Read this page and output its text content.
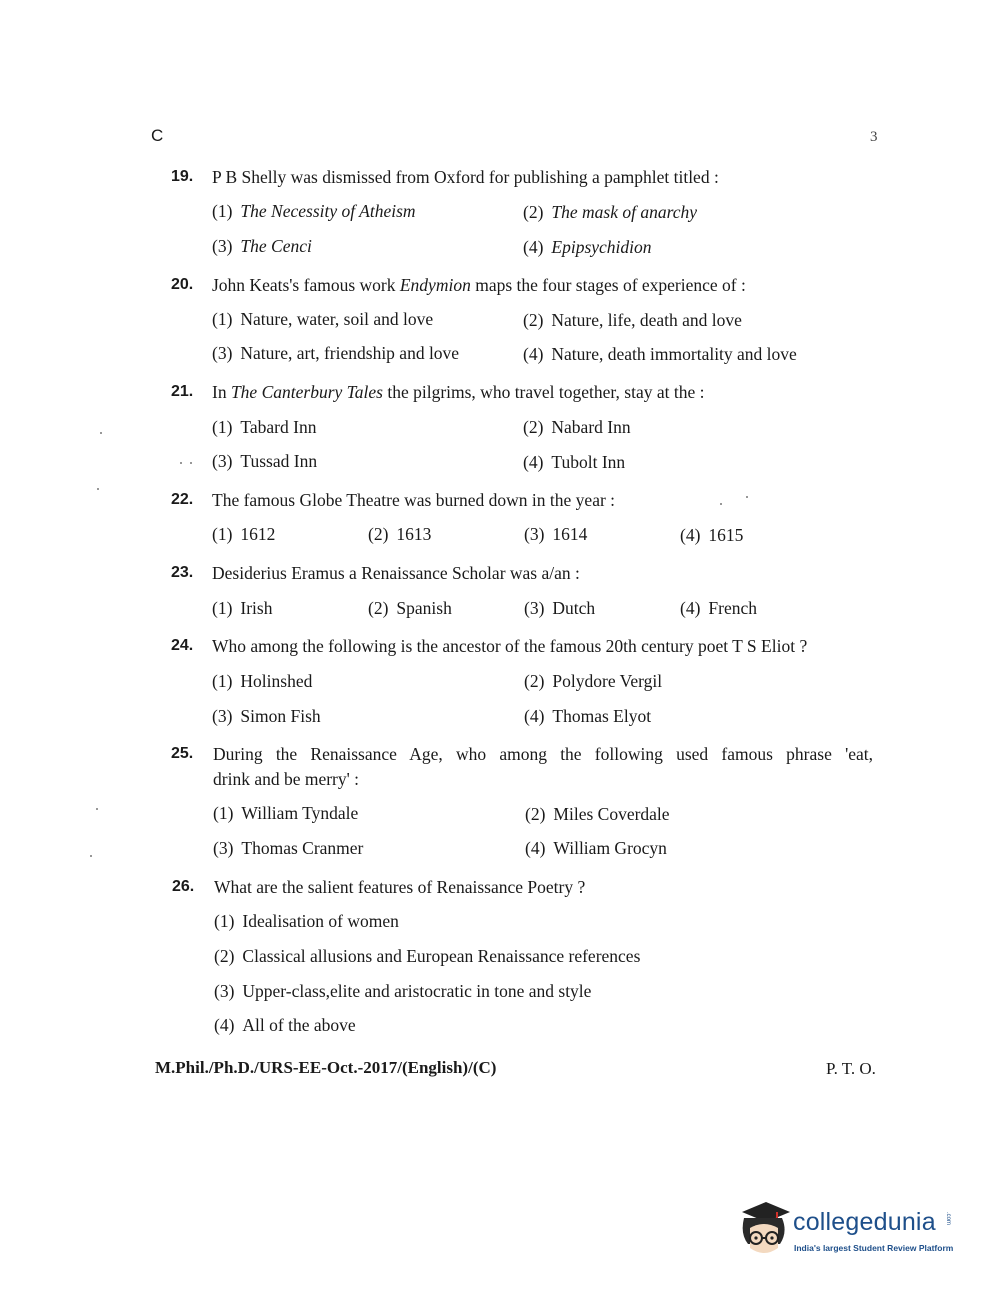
C	3
19. P B Shelly was dismissed from Oxford for publishing a pamphlet titled :
(1) The Necessity of Atheism	(2) The mask of anarchy
(3) The Cenci	(4) Epipsychidion
20. John Keats's famous work Endymion maps the four stages of experience of :
(1) Nature, water, soil and love	(2) Nature, life, death and love
(3) Nature, art, friendship and love	(4) Nature, death immortality and love
21. In The Canterbury Tales the pilgrims, who travel together, stay at the :
(1) Tabard Inn	(2) Nabard Inn
(3) Tussad Inn	(4) Tubolt Inn
22. The famous Globe Theatre was burned down in the year :
(1) 1612	(2) 1613	(3) 1614	(4) 1615
23. Desiderius Eramus a Renaissance Scholar was a/an :
(1) Irish	(2) Spanish	(3) Dutch	(4) French
24. Who among the following is the ancestor of the famous 20th century poet T S Eliot ?
(1) Holinshed	(2) Polydore Vergil
(3) Simon Fish	(4) Thomas Elyot
25. During the Renaissance Age, who among the following used famous phrase 'eat,
drink and be merry' :
(1) William Tyndale	(2) Miles Coverdale
(3) Thomas Cranmer	(4) William Grocyn
26. What are the salient features of Renaissance Poetry ?
(1) Idealisation of women
(2) Classical allusions and European Renaissance references
(3) Upper-class,elite and aristocratic in tone and style
(4) All of the above
M.Phil./Ph.D./URS-EE-Oct.-2017/(English)/(C)	P. T. O.
collegedunia .com
India's largest Student Review Platform
